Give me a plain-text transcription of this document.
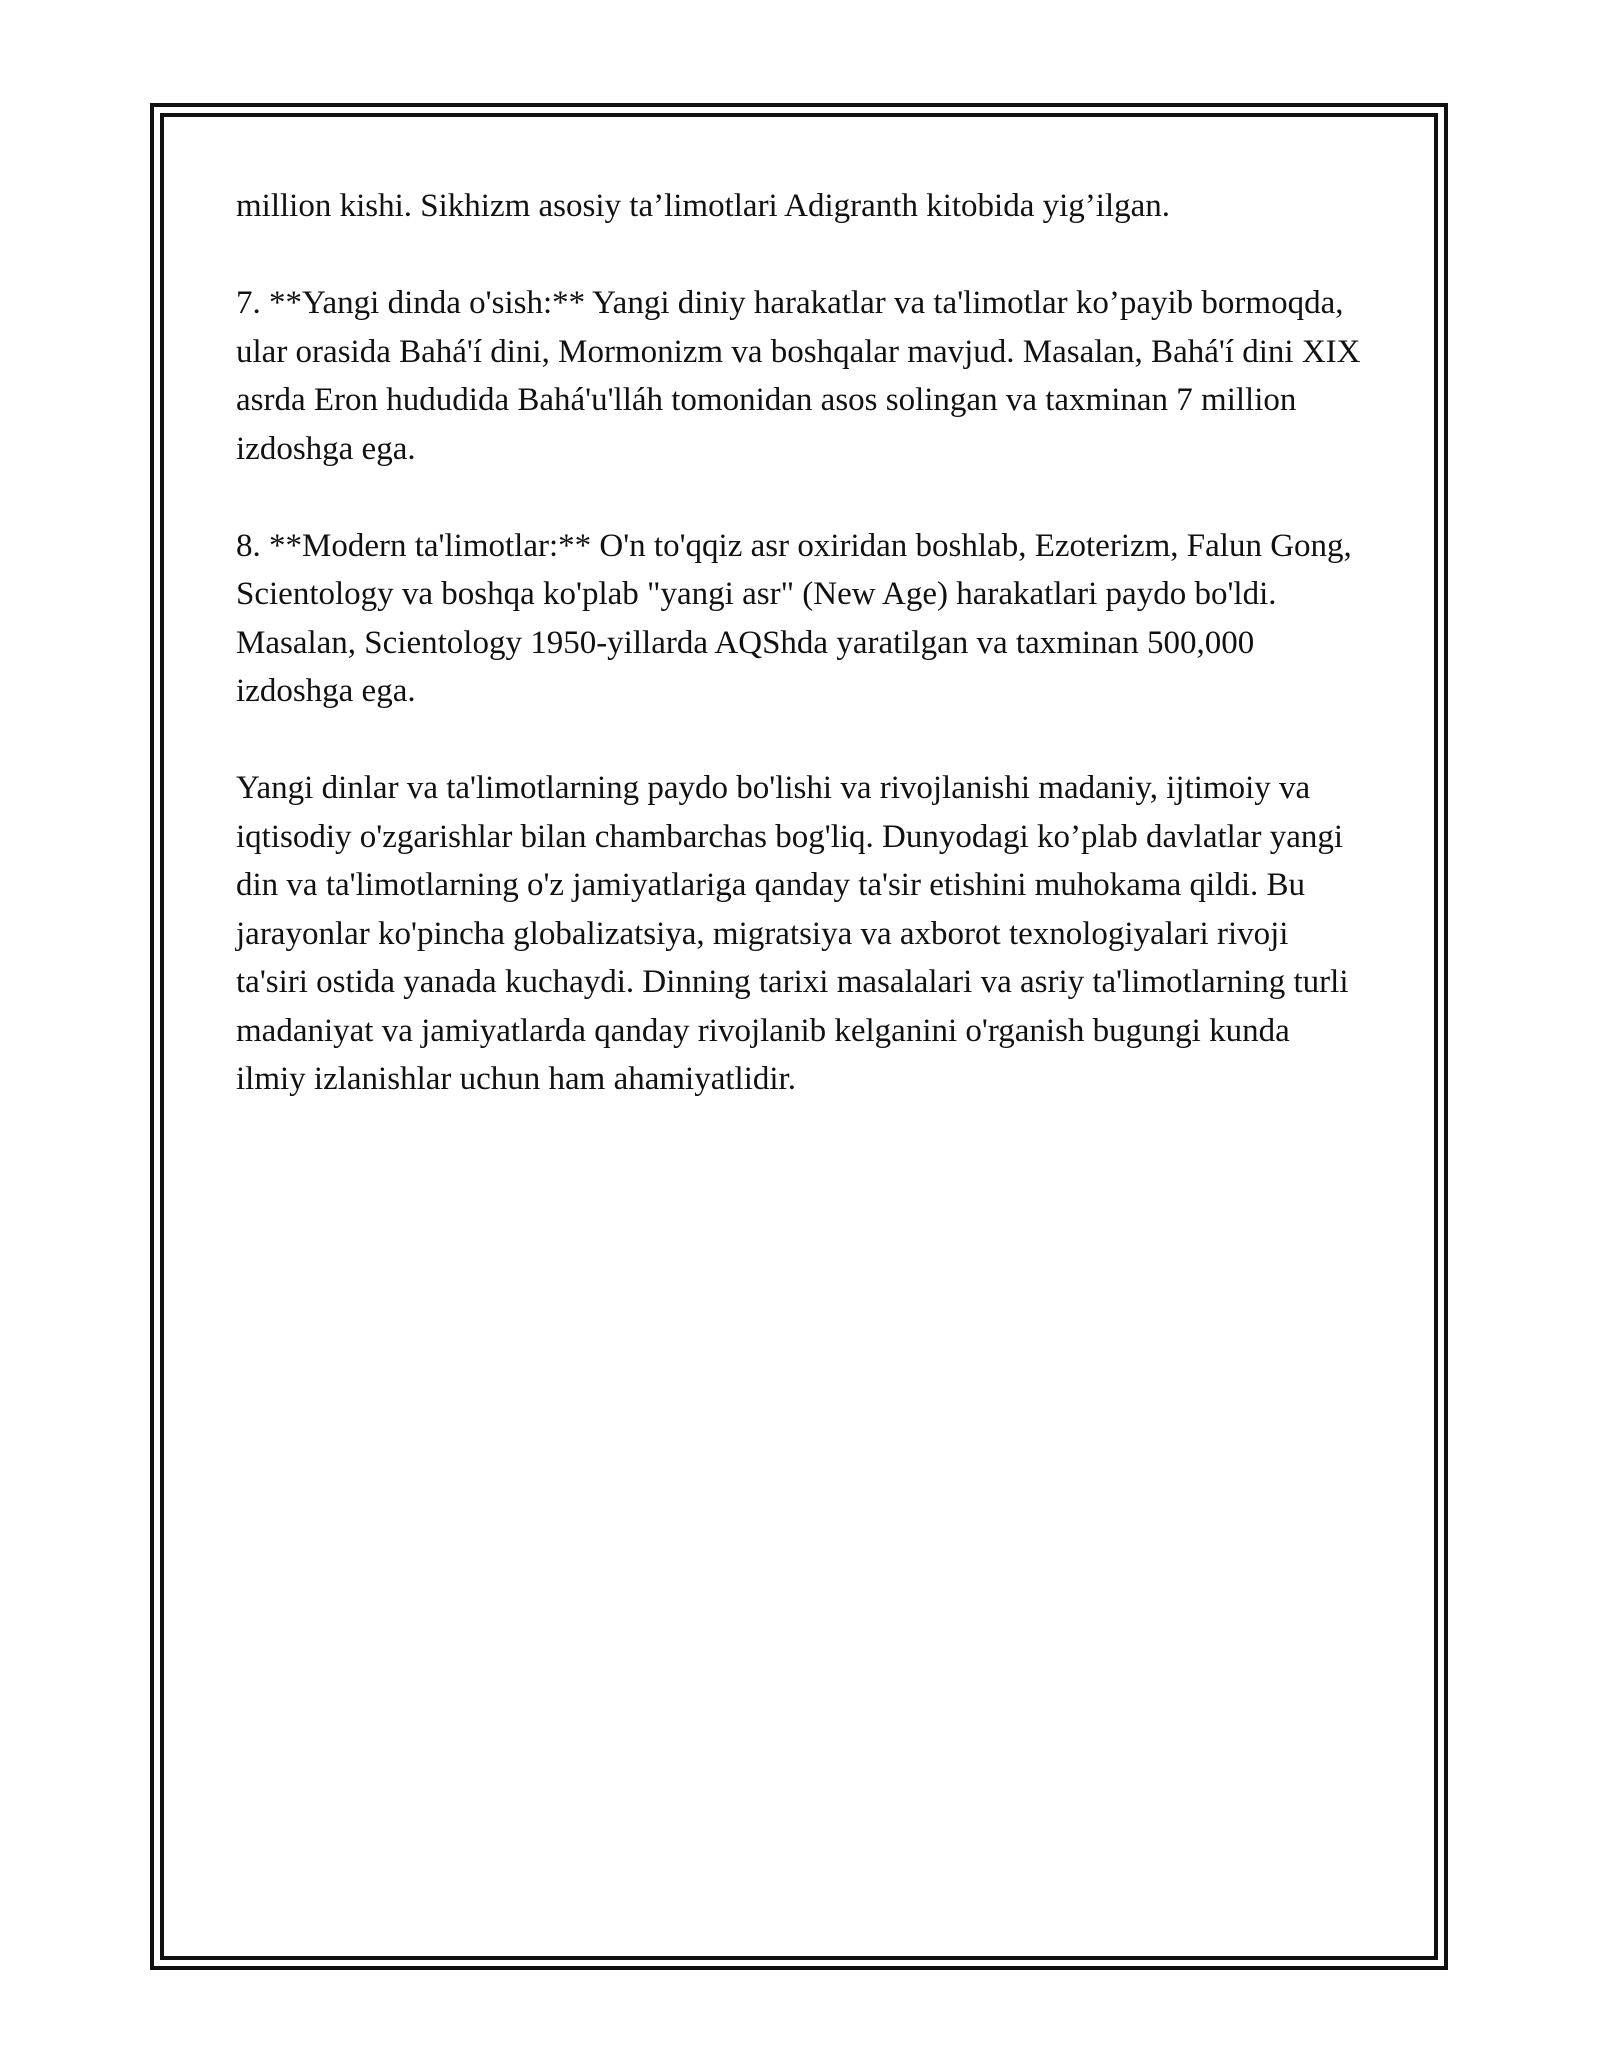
million kishi. Sikhizm asosiy ta’limotlari Adigranth kitobida yig’ilgan.

7. **Yangi dinda o'sish:** Yangi diniy harakatlar va ta'limotlar ko’payib bormoqda, ular orasida Bahá'í dini, Mormonizm va boshqalar mavjud. Masalan, Bahá'í dini XIX asrda Eron hududida Bahá'u'lláh tomonidan asos solingan va taxminan 7 million izdoshga ega.

8. **Modern ta'limotlar:** O'n to'qqiz asr oxiridan boshlab, Ezoterizm, Falun Gong, Scientology va boshqa ko'plab "yangi asr" (New Age) harakatlari paydo bo'ldi. Masalan, Scientology 1950-yillarda AQShda yaratilgan va taxminan 500,000 izdoshga ega.

Yangi dinlar va ta'limotlarning paydo bo'lishi va rivojlanishi madaniy, ijtimoiy va iqtisodiy o'zgarishlar bilan chambarchas bog'liq. Dunyodagi ko’plab davlatlar yangi din va ta'limotlarning o'z jamiyatlariga qanday ta'sir etishini muhokama qildi. Bu jarayonlar ko'pincha globalizatsiya, migratsiya va axborot texnologiyalari rivoji ta'siri ostida yanada kuchaydi. Dinning tarixi masalalari va asriy ta'limotlarning turli madaniyat va jamiyatlarda qanday rivojlanib kelganini o'rganish bugungi kunda ilmiy izlanishlar uchun ham ahamiyatlidir.
